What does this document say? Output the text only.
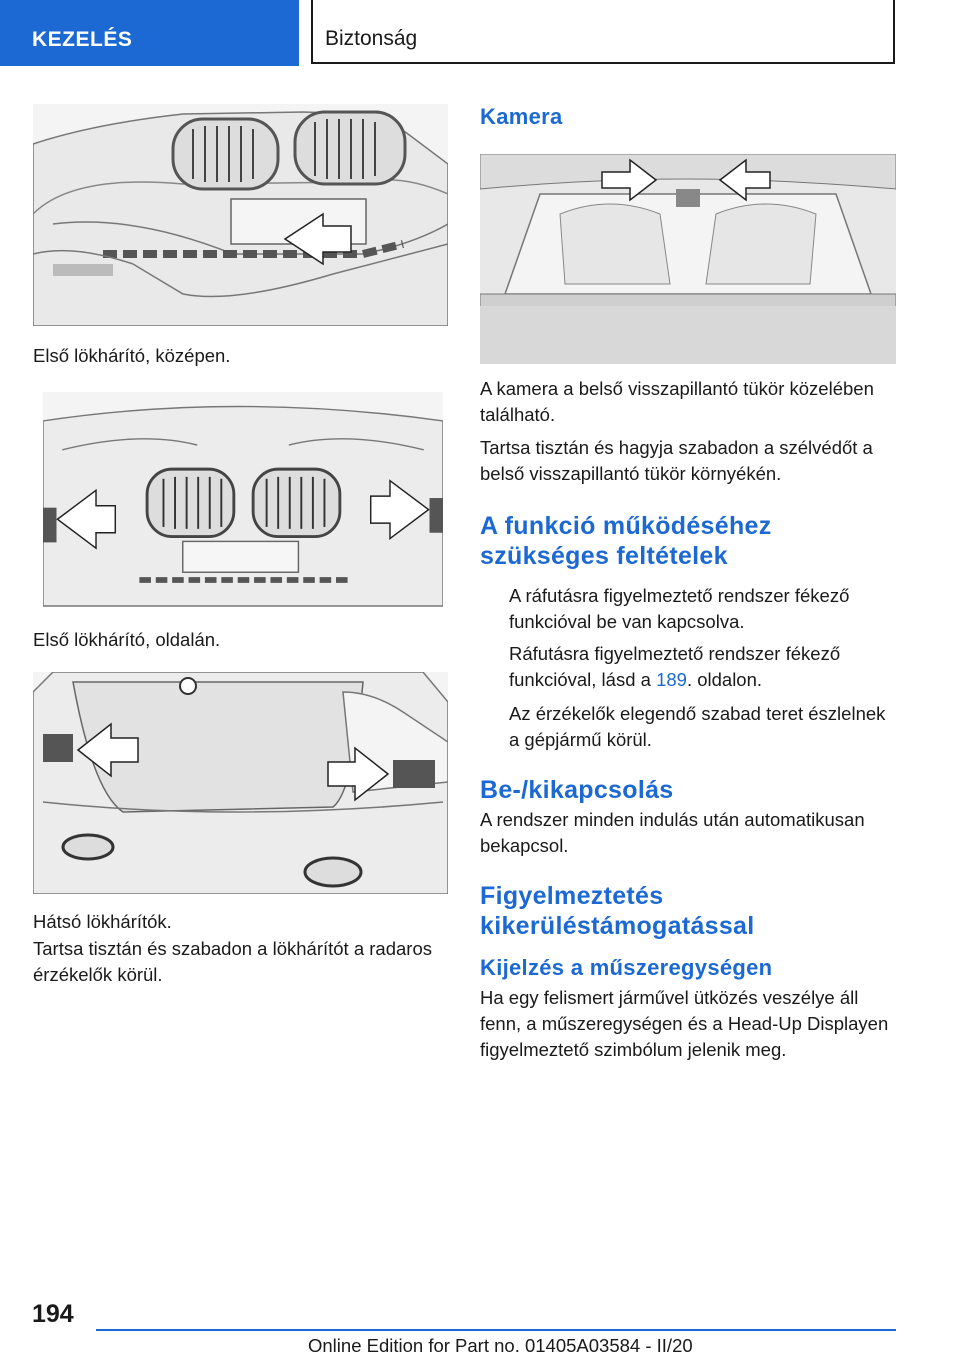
KEZELÉS	Biztonság

Első lökhárító, középen.

Első lökhárító, oldalán.

Hátsó lökhárítók.

Tartsa tisztán és szabadon a lökhárítót a radaros érzékelők körül.

Kamera

A kamera a belső visszapillantó tükör közelében található.

Tartsa tisztán és hagyja szabadon a szélvédőt a belső visszapillantó tükör környékén.

A funkció működéséhez szükséges feltételek
A ráfutásra figyelmeztető rendszer fékező funkcióval be van kapcsolva.
Ráfutásra figyelmeztető rendszer fékező funkcióval, lásd a 189. oldalon.
Az érzékelők elegendő szabad teret észlelnek a gépjármű körül.
Be-/kikapcsolás

A rendszer minden indulás után automatikusan bekapcsol.

Figyelmeztetés kikerüléstámogatással
Kijelzés a műszeregységen

Ha egy felismert járművel ütközés veszélye áll fenn, a műszeregységen és a Head-Up Displayen figyelmeztető szimbólum jelenik meg.

194
Online Edition for Part no. 01405A03584 - II/20
